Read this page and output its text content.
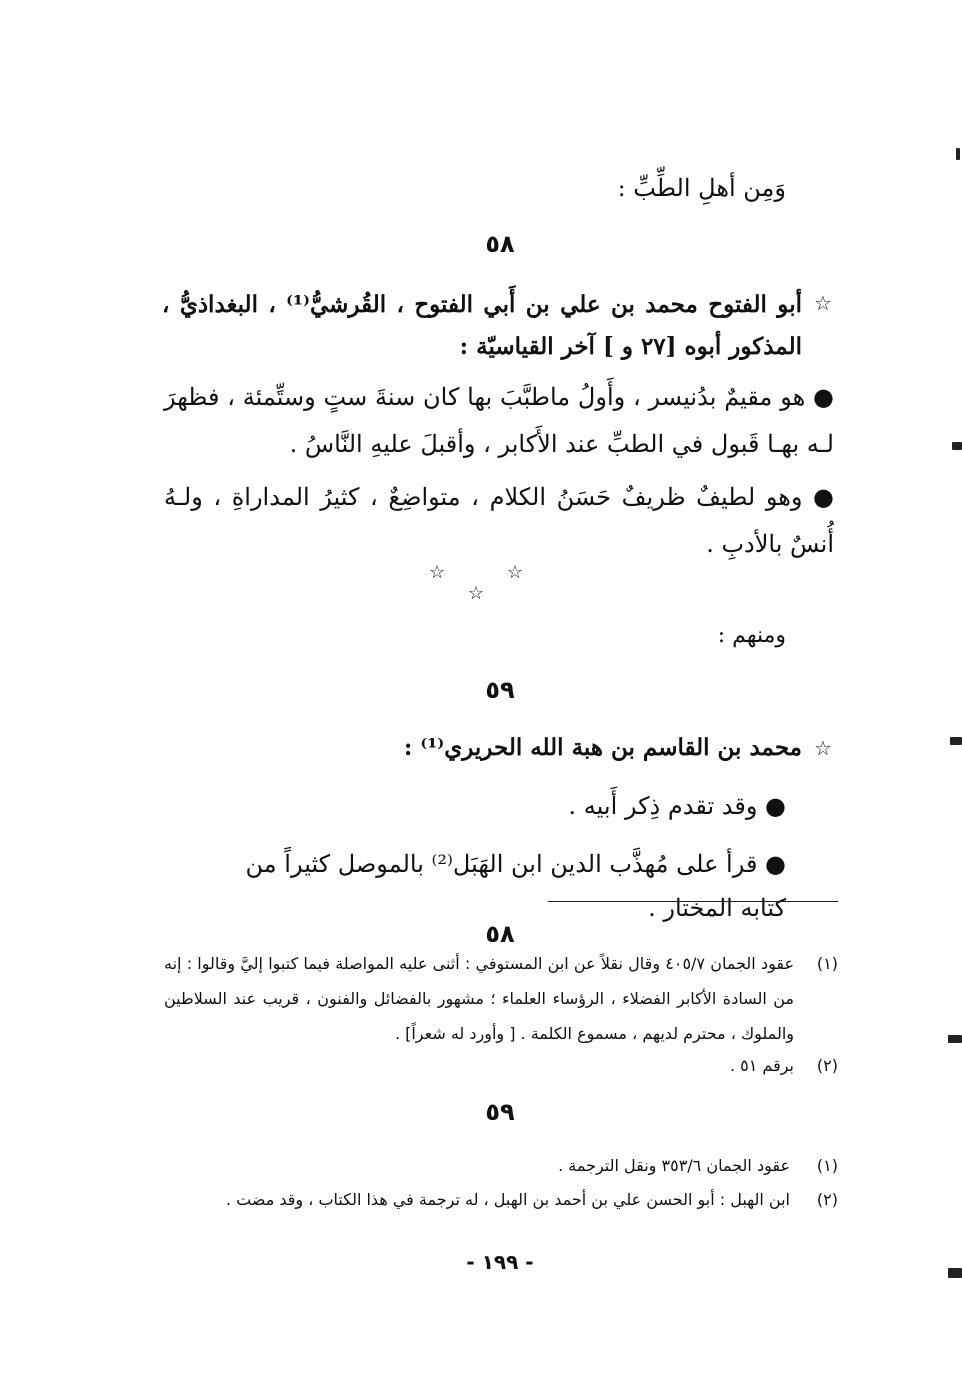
وَمِن أهلِ الطِّبِّ :
٥٨
☆
أبو الفتوح محمد بن علي بن أَبي الفتوح ، القُرشيُّ⁽¹⁾ ، البغداذيُّ ، المذكور أبوه [٢٧ و ] آخر القياسيّة :
● هو مقيمٌ بدُنيسر ، وأَولُ ماطبَّبَ بها كان سنةَ ستٍ وستِّمئة ، فظهرَ لـه بهـا قَبول في الطبِّ عند الأَكابر ، وأقبلَ عليهِ النَّاسُ .
● وهو لطيفٌ ظريفٌ حَسَنُ الكلام ، متواضِعٌ ، كثيرُ المداراةِ ، ولـهُ أُنسٌ بالأدبِ .
☆ ☆ ☆
ومنهم :
٥٩
☆
محمد بن القاسم بن هبة الله الحريري⁽¹⁾ :
● وقد تقدم ذِكر أَبيه .
● قرأ على مُهذَّب الدين ابن الهَبَل⁽²⁾ بالموصل كثيراً من كتابه المختار .
٥٨
(١)
عقود الجمان ٤٠٥/٧ وقال نقلاً عن ابن المستوفي : أثنى عليه المواصلة فيما كتبوا إليَّ وقالوا : إنه من السادة الأكابر الفضلاء ، الرؤساء العلماء ؛ مشهور بالفضائل والفنون ، قريب عند السلاطين والملوك ، محترم لديهم ، مسموع الكلمة . [ وأورد له شعراً] .
(٢)
برقم ٥١ .
٥٩
(١)
عقود الجمان ٣٥٣/٦ ونقل الترجمة .
(٢)
ابن الهبل : أبو الحسن علي بن أحمد بن الهبل ، له ترجمة في هذا الكتاب ، وقد مضت .
- ١٩٩ -
